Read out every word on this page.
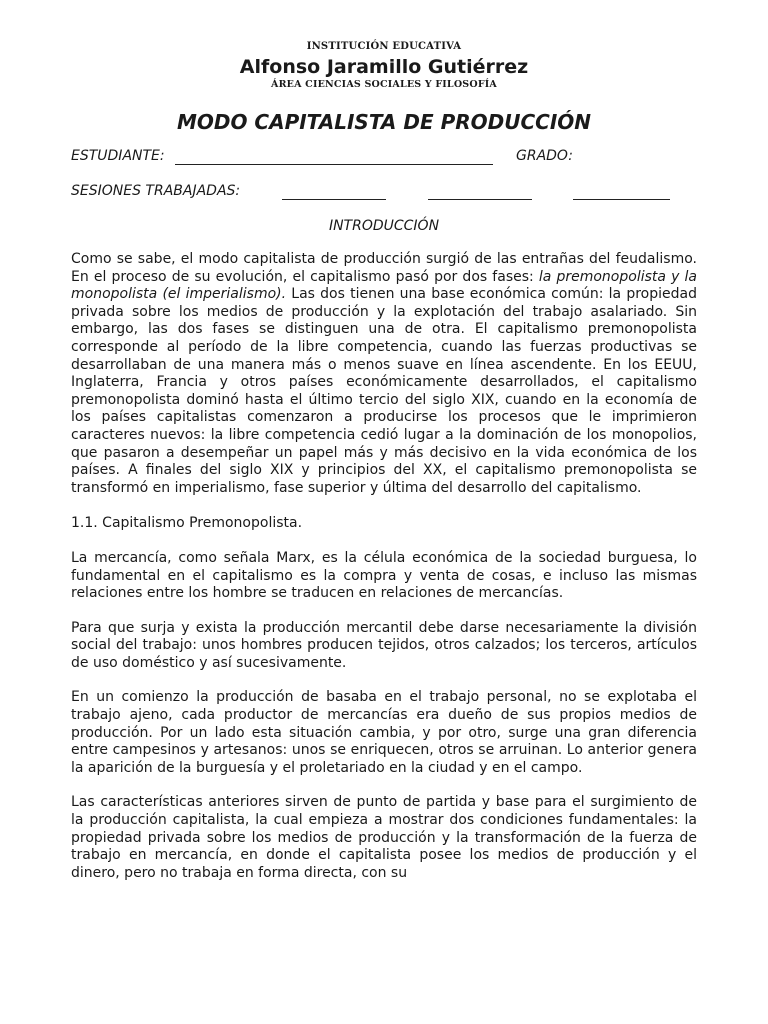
INSTITUCIÓN EDUCATIVA
Alfonso Jaramillo Gutiérrez
ÁREA CIENCIAS SOCIALES Y FILOSOFÍA
MODO CAPITALISTA DE PRODUCCIÓN
ESTUDIANTE:	GRADO:
SESIONES TRABAJADAS:
INTRODUCCIÓN

Como se sabe, el modo capitalista de producción surgió de las entrañas del feudalismo. En el proceso de su evolución, el capitalismo pasó por dos fases: la premonopolista y la monopolista (el imperialismo). Las dos tienen una base económica común: la propiedad privada sobre los medios de producción y la explotación del trabajo asalariado. Sin embargo, las dos fases se distinguen una de otra. El capitalismo premonopolista corresponde al período de la libre competencia, cuando las fuerzas productivas se desarrollaban de una manera más o menos suave en línea ascendente. En los EEUU, Inglaterra, Francia y otros países económicamente desarrollados, el capitalismo premonopolista dominó hasta el último tercio del siglo XIX, cuando en la economía de los países capitalistas comenzaron a producirse los procesos que le imprimieron caracteres nuevos: la libre competencia cedió lugar a la dominación de los monopolios, que pasaron a desempeñar un papel más y más decisivo en la vida económica de los países. A finales del siglo XIX y principios del XX, el capitalismo premonopolista se transformó en imperialismo, fase superior y última del desarrollo del capitalismo.

1.1. Capitalismo Premonopolista.

La mercancía, como señala Marx, es la célula económica de la sociedad burguesa, lo fundamental en el capitalismo es la compra y venta de cosas, e incluso las mismas relaciones entre los hombre se traducen en relaciones de mercancías.

Para que surja y exista la producción mercantil debe darse necesariamente la división social del trabajo: unos hombres producen tejidos, otros calzados; los terceros, artículos de uso doméstico y así sucesivamente.

En un comienzo la producción de basaba en el trabajo personal, no se explotaba el trabajo ajeno, cada productor de mercancías era dueño de sus propios medios de producción. Por un lado esta situación cambia, y por otro, surge una gran diferencia entre campesinos y artesanos: unos se enriquecen, otros se arruinan. Lo anterior genera la aparición de la burguesía y el proletariado en la ciudad y en el campo.

Las características anteriores sirven de punto de partida y base para el surgimiento de la producción capitalista, la cual empieza a mostrar dos condiciones fundamentales: la propiedad privada sobre los medios de producción y la transformación de la fuerza de trabajo en mercancía, en donde el capitalista posee los medios de producción y el dinero, pero no trabaja en forma directa, con su
